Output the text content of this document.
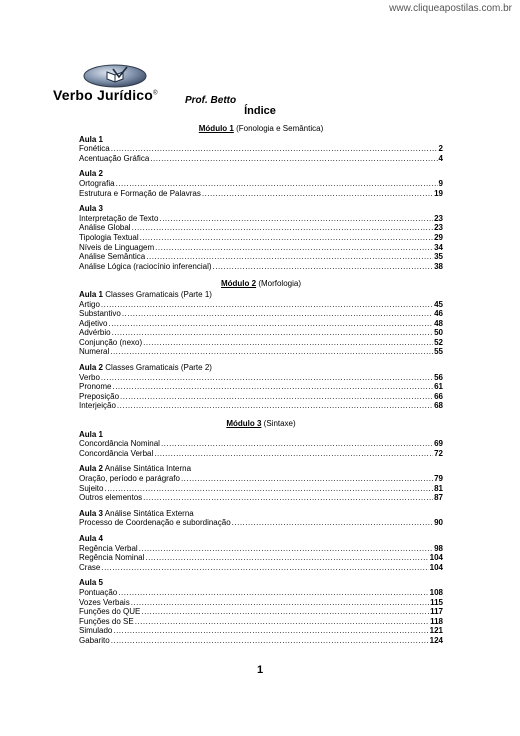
www.cliqueapostilas.com.br
Verbo Jurídico®
Prof. Betto
Índice
Módulo 1 (Fonologia e Semântica)
Aula 1
Fonética .....	2
Acentuação Gráfica .....	4
Aula 2
Ortografia .....	9
Estrutura e Formação de Palavras .....	19
Aula 3
Interpretação de Texto .....	23
Análise Global .....	23
Tipologia Textual .....	29
Níveis de Linguagem .....	34
Análise Semântica .....	35
Análise Lógica (raciocínio inferencial) .....	38
Módulo 2 (Morfologia)
Aula 1 Classes Gramaticais (Parte 1)
Artigo .....	45
Substantivo .....	46
Adjetivo .....	48
Advérbio .....	50
Conjunção (nexo) .....	52
Numeral .....	55
Aula 2 Classes Gramaticais (Parte 2)
Verbo .....	56
Pronome .....	61
Preposição .....	66
Interjeição .....	68
Módulo 3 (Sintaxe)
Aula 1
Concordância Nominal .....	69
Concordância Verbal .....	72
Aula 2 Análise Sintática Interna
Oração, período e parágrafo .....	79
Sujeito .....	81
Outros elementos .....	87
Aula 3 Análise Sintática Externa
Processo de Coordenação e subordinação .....	90
Aula 4
Regência Verbal .....	98
Regência Nominal .....	104
Crase .....	104
Aula 5
Pontuação .....	108
Vozes Verbais .....	115
Funções do QUE .....	117
Funções do SE .....	118
Simulado .....	121
Gabarito .....	124
1
